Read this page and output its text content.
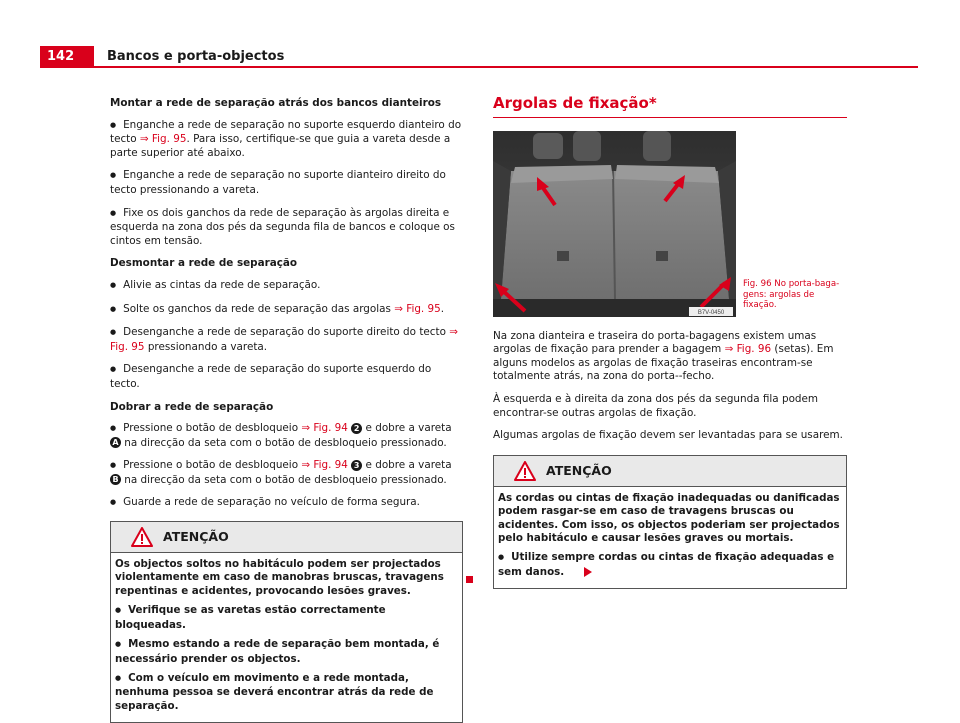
142	Bancos e porta-objectos

Montar a rede de separação atrás dos bancos dianteiros

● Enganche a rede de separação no suporte esquerdo dianteiro do tecto ⇒ Fig. 95. Para isso, certifique-se que guia a vareta desde a parte superior até abaixo.

● Enganche a rede de separação no suporte dianteiro direito do tecto pressionando a vareta.

● Fixe os dois ganchos da rede de separação às argolas direita e esquerda na zona dos pés da segunda fila de bancos e coloque os cintos em tensão.

Desmontar a rede de separação

● Alivie as cintas da rede de separação.

● Solte os ganchos da rede de separação das argolas ⇒ Fig. 95.

● Desenganche a rede de separação do suporte direito do tecto ⇒ Fig. 95 pressionando a vareta.

● Desenganche a rede de separação do suporte esquerdo do tecto.

Dobrar a rede de separação

● Pressione o botão de desbloqueio ⇒ Fig. 94 2 e dobre a vareta A na direcção da seta com o botão de desbloqueio pressionado.

● Pressione o botão de desbloqueio ⇒ Fig. 94 3 e dobre a vareta B na direcção da seta com o botão de desbloqueio pressionado.

● Guarde a rede de separação no veículo de forma segura.

ATENÇÃO

Os objectos soltos no habitáculo podem ser projectados violentamente em caso de manobras bruscas, travagens repentinas e acidentes, provocando lesões graves.

● Verifique se as varetas estão correctamente bloqueadas.

● Mesmo estando a rede de separação bem montada, é necessário prender os objectos.

● Com o veículo em movimento e a rede montada, nenhuma pessoa se deverá encontrar atrás da rede de separação.

Argolas de fixação*
B7V-0450
Fig. 96 No porta-baga-gens: argolas de fixação.

Na zona dianteira e traseira do porta-bagagens existem umas argolas de fixação para prender a bagagem ⇒ Fig. 96 (setas). Em alguns modelos as argolas de fixação traseiras encontram-se totalmente atrás, na zona do porta--fecho.

À esquerda e à direita da zona dos pés da segunda fila podem encontrar-se outras argolas de fixação.

Algumas argolas de fixação devem ser levantadas para se usarem.

ATENÇÃO

As cordas ou cintas de fixação inadequadas ou danificadas podem rasgar-se em caso de travagens bruscas ou acidentes. Com isso, os objectos poderiam ser projectados pelo habitáculo e causar lesões graves ou mortais.

● Utilize sempre cordas ou cintas de fixação adequadas e sem danos.
